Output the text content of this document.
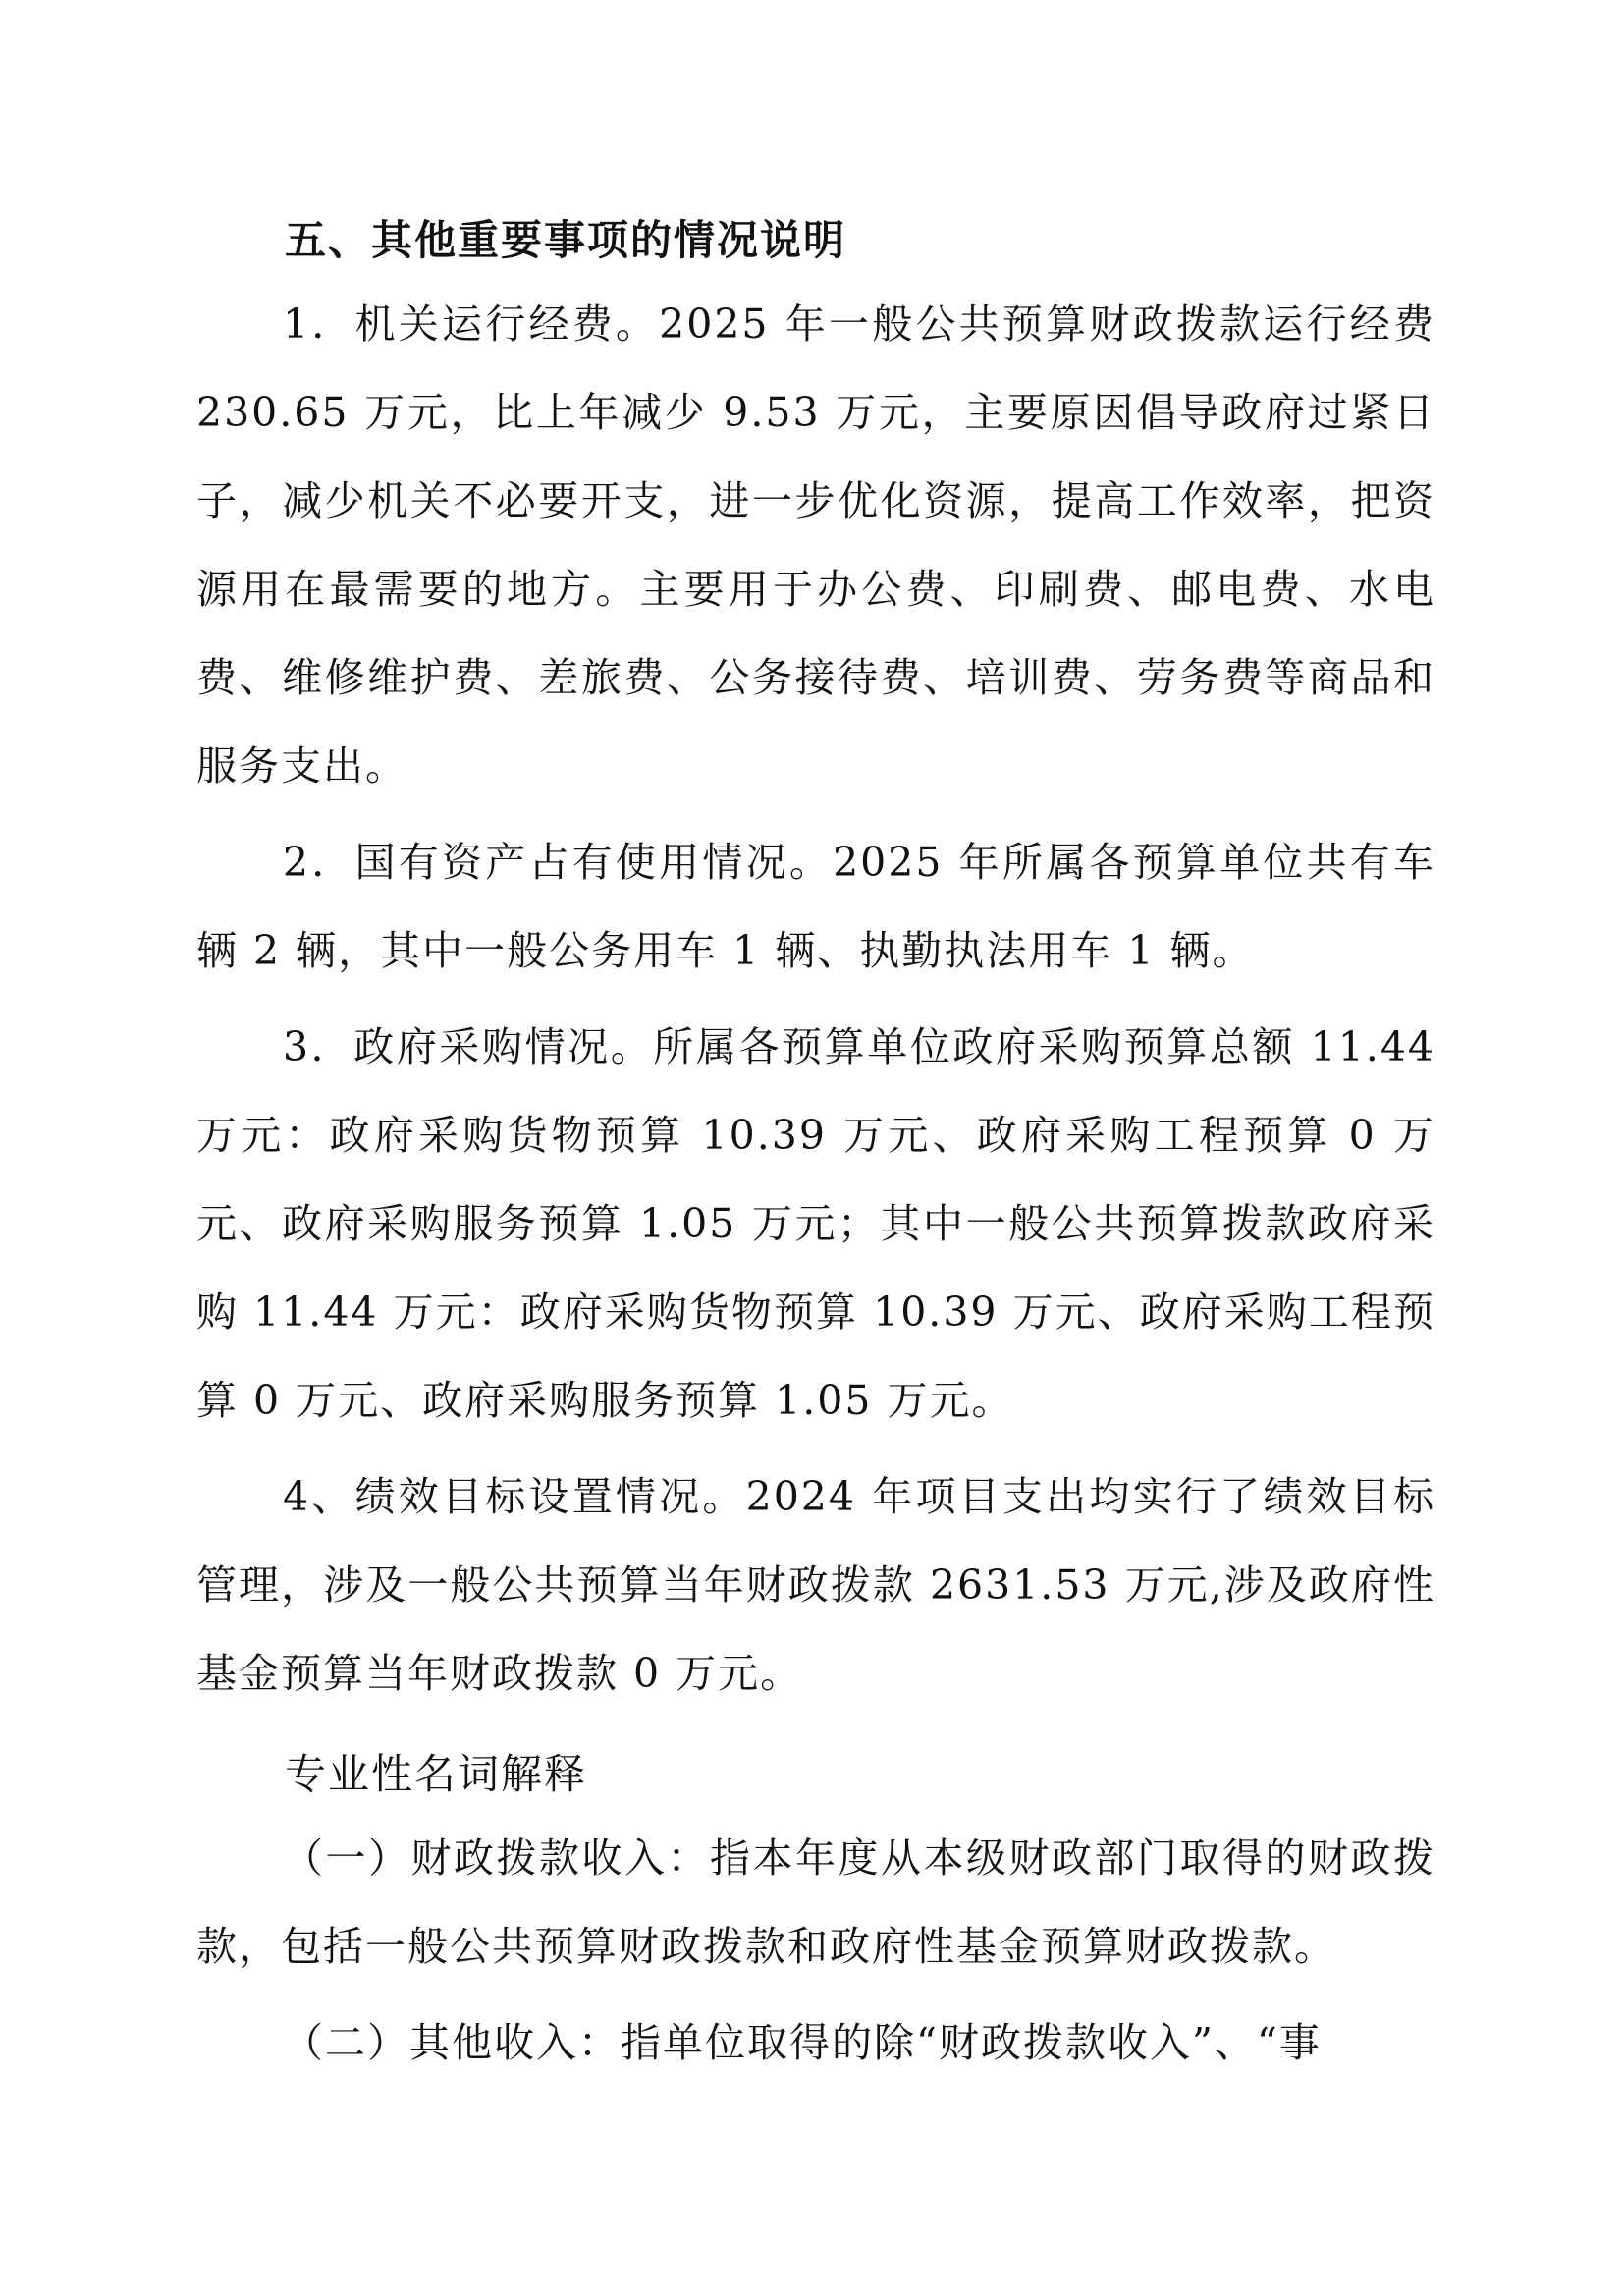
五、其他重要事项的情况说明

1．机关运行经费。2025 年一般公共预算财政拨款运行经费 230.65 万元，比上年减少 9.53 万元，主要原因倡导政府过紧日子，减少机关不必要开支，进一步优化资源，提高工作效率，把资源用在最需要的地方。主要用于办公费、印刷费、邮电费、水电费、维修维护费、差旅费、公务接待费、培训费、劳务费等商品和服务支出。

2．国有资产占有使用情况。2025 年所属各预算单位共有车辆 2 辆，其中一般公务用车 1 辆、执勤执法用车 1 辆。

3．政府采购情况。所属各预算单位政府采购预算总额 11.44 万元：政府采购货物预算 10.39 万元、政府采购工程预算 0 万元、政府采购服务预算 1.05 万元；其中一般公共预算拨款政府采购 11.44 万元：政府采购货物预算 10.39 万元、政府采购工程预算 0 万元、政府采购服务预算 1.05 万元。

4、绩效目标设置情况。2024 年项目支出均实行了绩效目标管理，涉及一般公共预算当年财政拨款 2631.53 万元,涉及政府性基金预算当年财政拨款 0 万元。

专业性名词解释

（一）财政拨款收入：指本年度从本级财政部门取得的财政拨款，包括一般公共预算财政拨款和政府性基金预算财政拨款。

（二）其他收入：指单位取得的除“财政拨款收入”、“事
